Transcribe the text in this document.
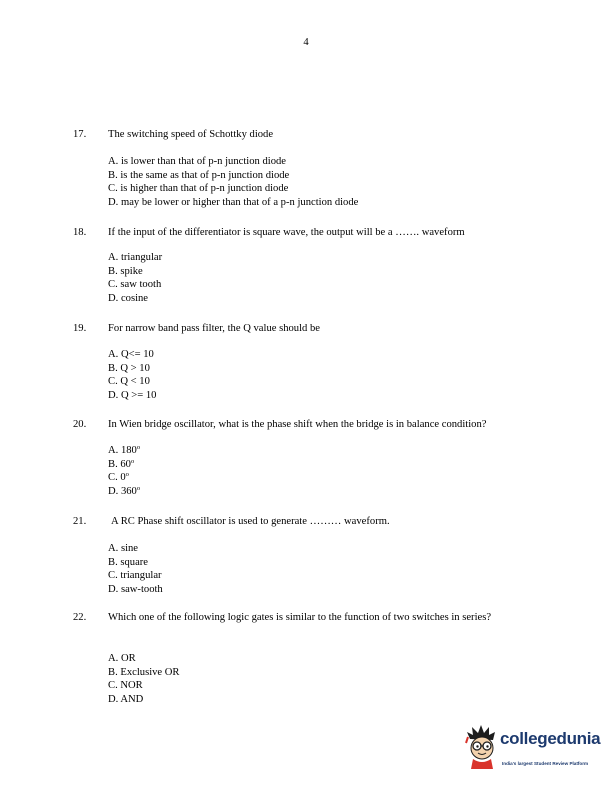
4
17. The switching speed of Schottky diode
A. is lower than that of p-n junction diode
B. is the same as that of p-n junction diode
C. is higher than that of p-n junction diode
D. may be lower or higher than that of a p-n junction diode
18. If the input of the differentiator is square wave, the output will be a ……. waveform
A. triangular
B. spike
C. saw tooth
D. cosine
19. For narrow band pass filter, the Q value should be
A. Q<= 10
B. Q > 10
C. Q < 10
D. Q >= 10
20. In Wien bridge oscillator, what is the phase shift when the bridge is in balance condition?
A. 180$^o$
B. 60$^o$
C. 0$^o$
D. 360$^o$
21. A RC Phase shift oscillator is used to generate ……… waveform.
A. sine
B. square
C. triangular
D. saw-tooth
22. Which one of the following logic gates is similar to the function of two switches in series?
A. OR
B. Exclusive OR
C. NOR
D. AND
collegedunia
India's largest Student Review Platform
